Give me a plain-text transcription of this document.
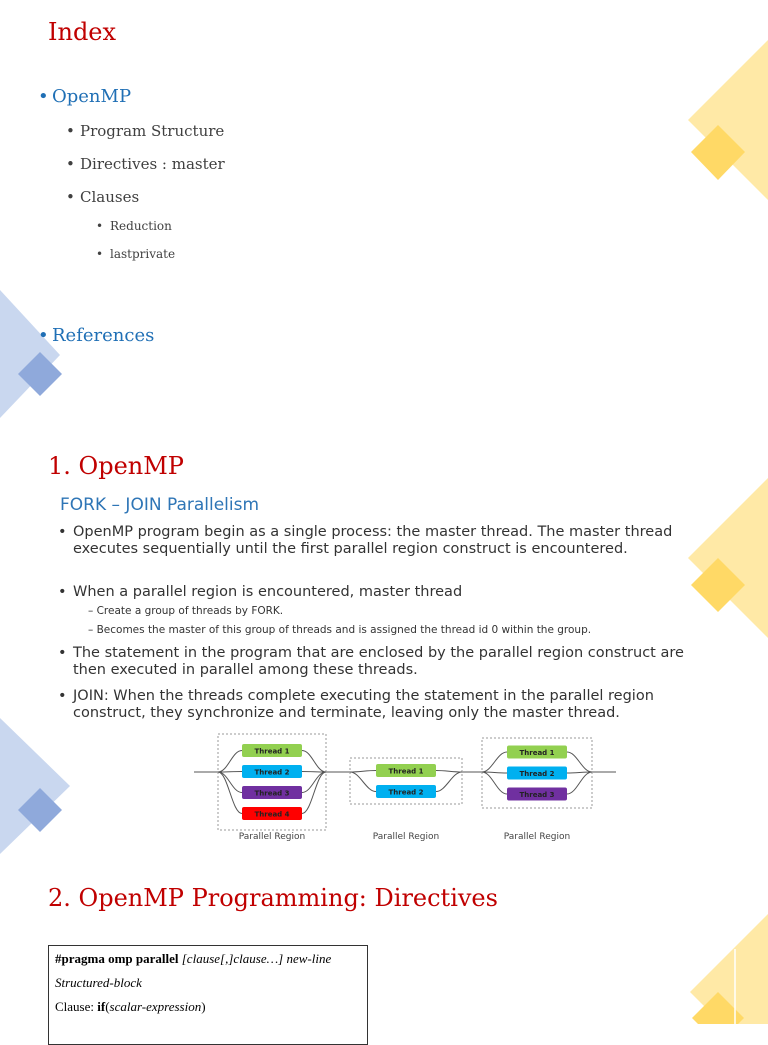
Index
• OpenMP
• Program Structure
• Directives : master
• Clauses
• Reduction
• lastprivate
• References
1. OpenMP
FORK – JOIN Parallelism
• OpenMP program begin as a single process: the master thread. The master thread executes sequentially until the first parallel region construct is encountered.
• When a parallel region is encountered, master thread
– Create a group of threads by FORK.
– Becomes the master of this group of threads and is assigned the thread id 0 within the group.
• The statement in the program that are enclosed by the parallel region construct are then executed in parallel among these threads.
• JOIN: When the threads complete executing the statement in the parallel region construct, they synchronize and terminate, leaving only the master thread.
Thread 1
Thread 2
Thread 3
Thread 4
Parallel Region
Thread 1
Thread 2
Parallel Region
Thread 1
Thread 2
Thread 3
Parallel Region
2. OpenMP Programming: Directives
#pragma omp parallel [clause[,]clause…] new-line
Structured-block
Clause: if(scalar-expression)
